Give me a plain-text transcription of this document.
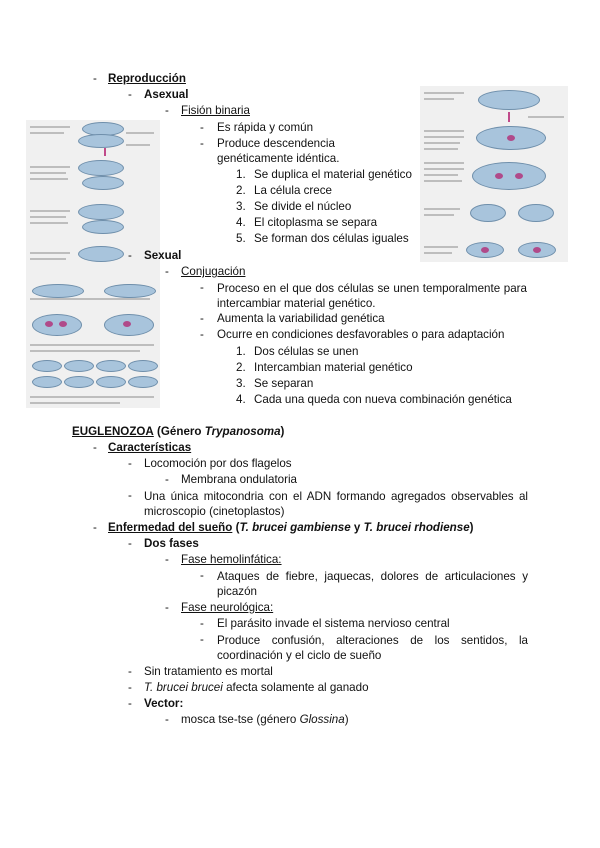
- Reproducción
- Asexual
- Fisión binaria
- Es rápida y común
- Produce descendencia
genéticamente idéntica.
1. Se duplica el material genético
2. La célula crece
3. Se divide el núcleo
4. El citoplasma se separa
5. Se forman dos células iguales
- Sexual
- Conjugación
- Proceso en el que dos células se unen temporalmente para intercambiar material genético.
- Aumenta la variabilidad genética
- Ocurre en condiciones desfavorables o para adaptación
1. Dos células se unen
2. Intercambian material genético
3. Se separan
4. Cada una queda con nueva combinación genética
EUGLENOZOA (Género Trypanosoma)
- Características
- Locomoción por dos flagelos
- Membrana ondulatoria
- Una única mitocondria con el ADN formando agregados observables al microscopio (cinetoplastos)
- Enfermedad del sueño (T. brucei gambiense y T. brucei rhodiense)
- Dos fases
- Fase hemolinfática:
- Ataques de fiebre, jaquecas, dolores de articulaciones y picazón
- Fase neurológica:
- El parásito invade el sistema nervioso central
- Produce confusión, alteraciones de los sentidos, la coordinación y el ciclo de sueño
- Sin tratamiento es mortal
- T. brucei brucei afecta solamente al ganado
- Vector:
- mosca tse-tse (género Glossina)
